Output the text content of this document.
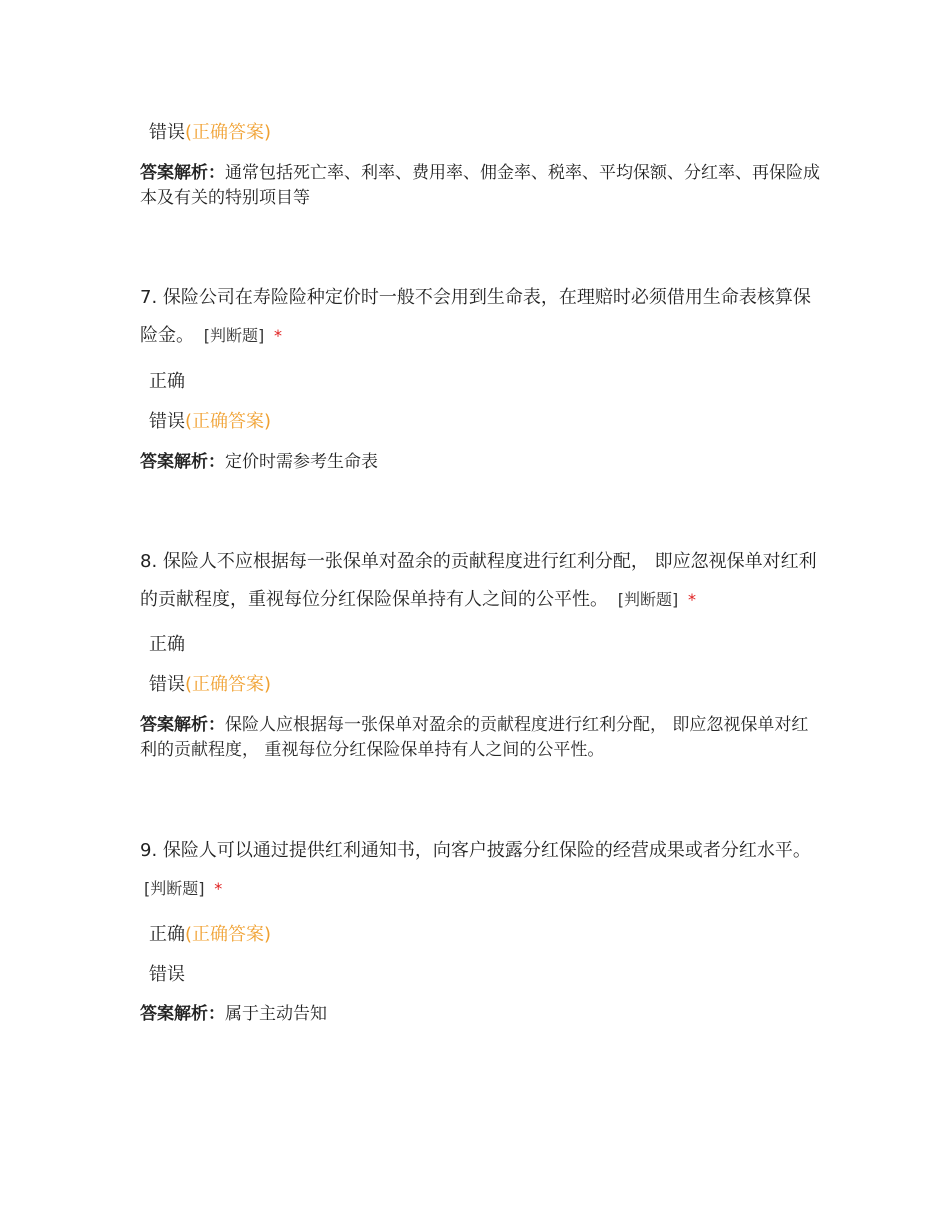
错误(正确答案)
答案解析：通常包括死亡率、利率、费用率、佣金率、税率、平均保额、分红率、再保险成本及有关的特别项目等
7. 保险公司在寿险险种定价时一般不会用到生命表，在理赔时必须借用生命表核算保险金。 [判断题] *
正确
错误(正确答案)
答案解析：定价时需参考生命表
8. 保险人不应根据每一张保单对盈余的贡献程度进行红利分配， 即应忽视保单对红利的贡献程度，重视每位分红保险保单持有人之间的公平性。 [判断题] *
正确
错误(正确答案)
答案解析：保险人应根据每一张保单对盈余的贡献程度进行红利分配， 即应忽视保单对红利的贡献程度， 重视每位分红保险保单持有人之间的公平性。
9. 保险人可以通过提供红利通知书，向客户披露分红保险的经营成果或者分红水平。 [判断题] *
正确(正确答案)
错误
答案解析：属于主动告知
